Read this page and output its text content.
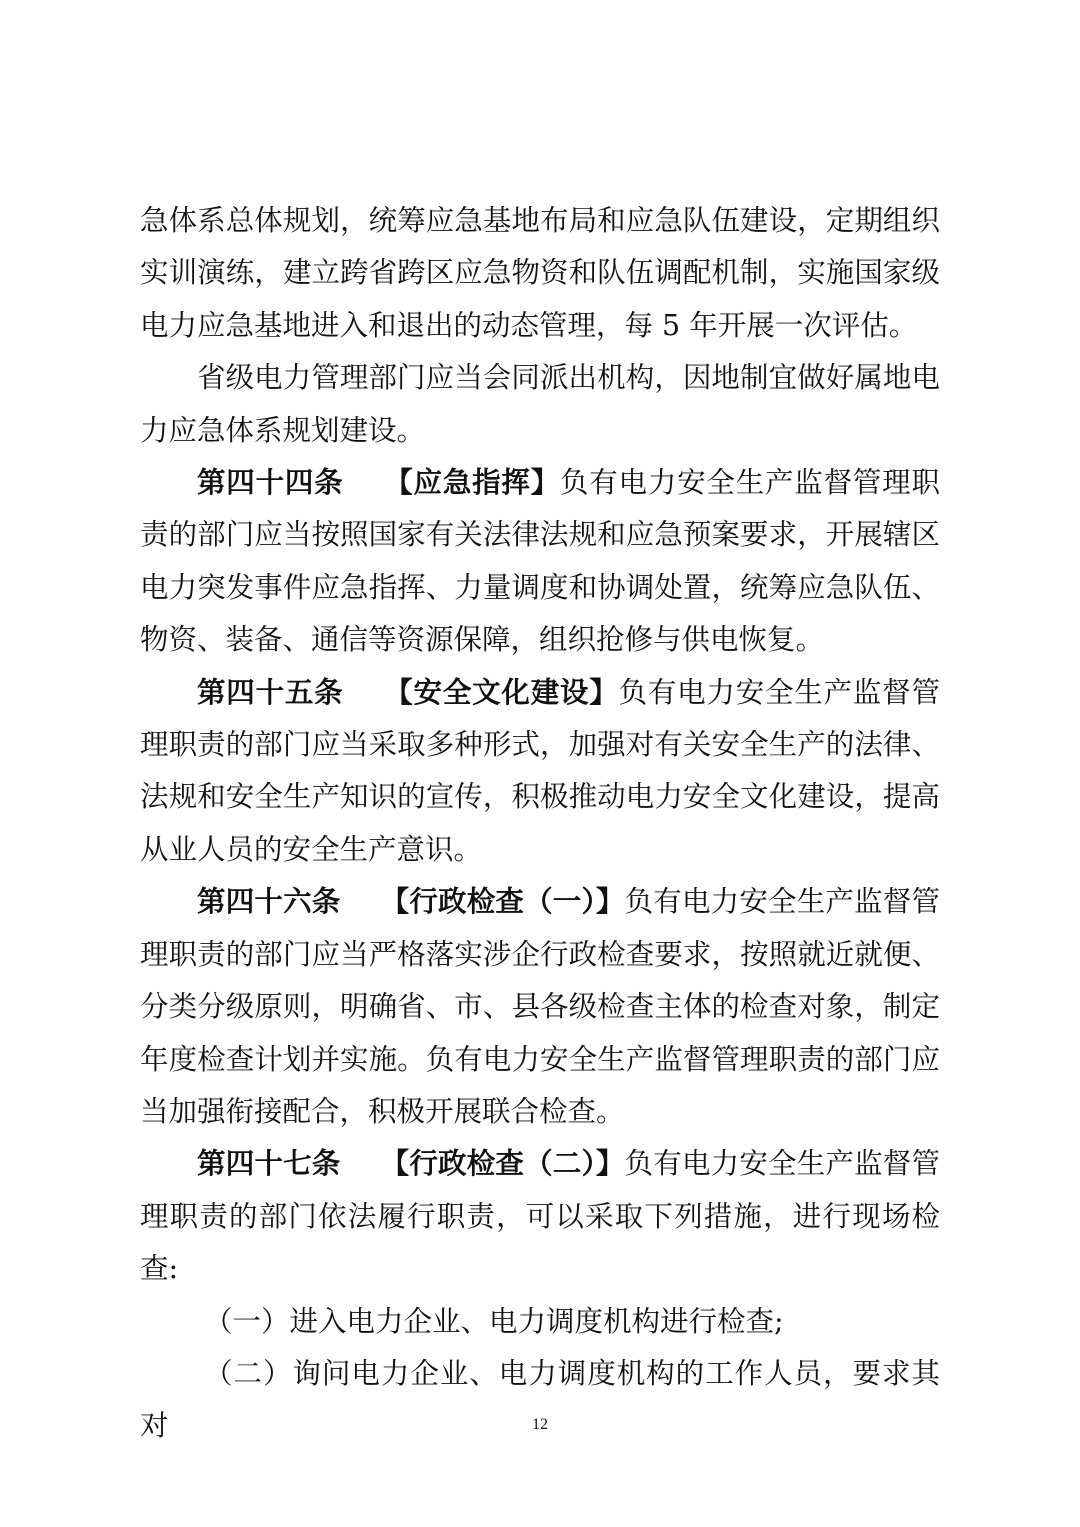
急体系总体规划，统筹应急基地布局和应急队伍建设，定期组织实训演练，建立跨省跨区应急物资和队伍调配机制，实施国家级电力应急基地进入和退出的动态管理，每 5 年开展一次评估。

省级电力管理部门应当会同派出机构，因地制宜做好属地电力应急体系规划建设。

第四十四条 【应急指挥】负有电力安全生产监督管理职责的部门应当按照国家有关法律法规和应急预案要求，开展辖区电力突发事件应急指挥、力量调度和协调处置，统筹应急队伍、物资、装备、通信等资源保障，组织抢修与供电恢复。

第四十五条 【安全文化建设】负有电力安全生产监督管理职责的部门应当采取多种形式，加强对有关安全生产的法律、法规和安全生产知识的宣传，积极推动电力安全文化建设，提高从业人员的安全生产意识。

第四十六条 【行政检查（一）】负有电力安全生产监督管理职责的部门应当严格落实涉企行政检查要求，按照就近就便、分类分级原则，明确省、市、县各级检查主体的检查对象，制定年度检查计划并实施。负有电力安全生产监督管理职责的部门应当加强衔接配合，积极开展联合检查。

第四十七条 【行政检查（二）】负有电力安全生产监督管理职责的部门依法履行职责，可以采取下列措施，进行现场检查:

（一）进入电力企业、电力调度机构进行检查;

（二）询问电力企业、电力调度机构的工作人员，要求其对	12
